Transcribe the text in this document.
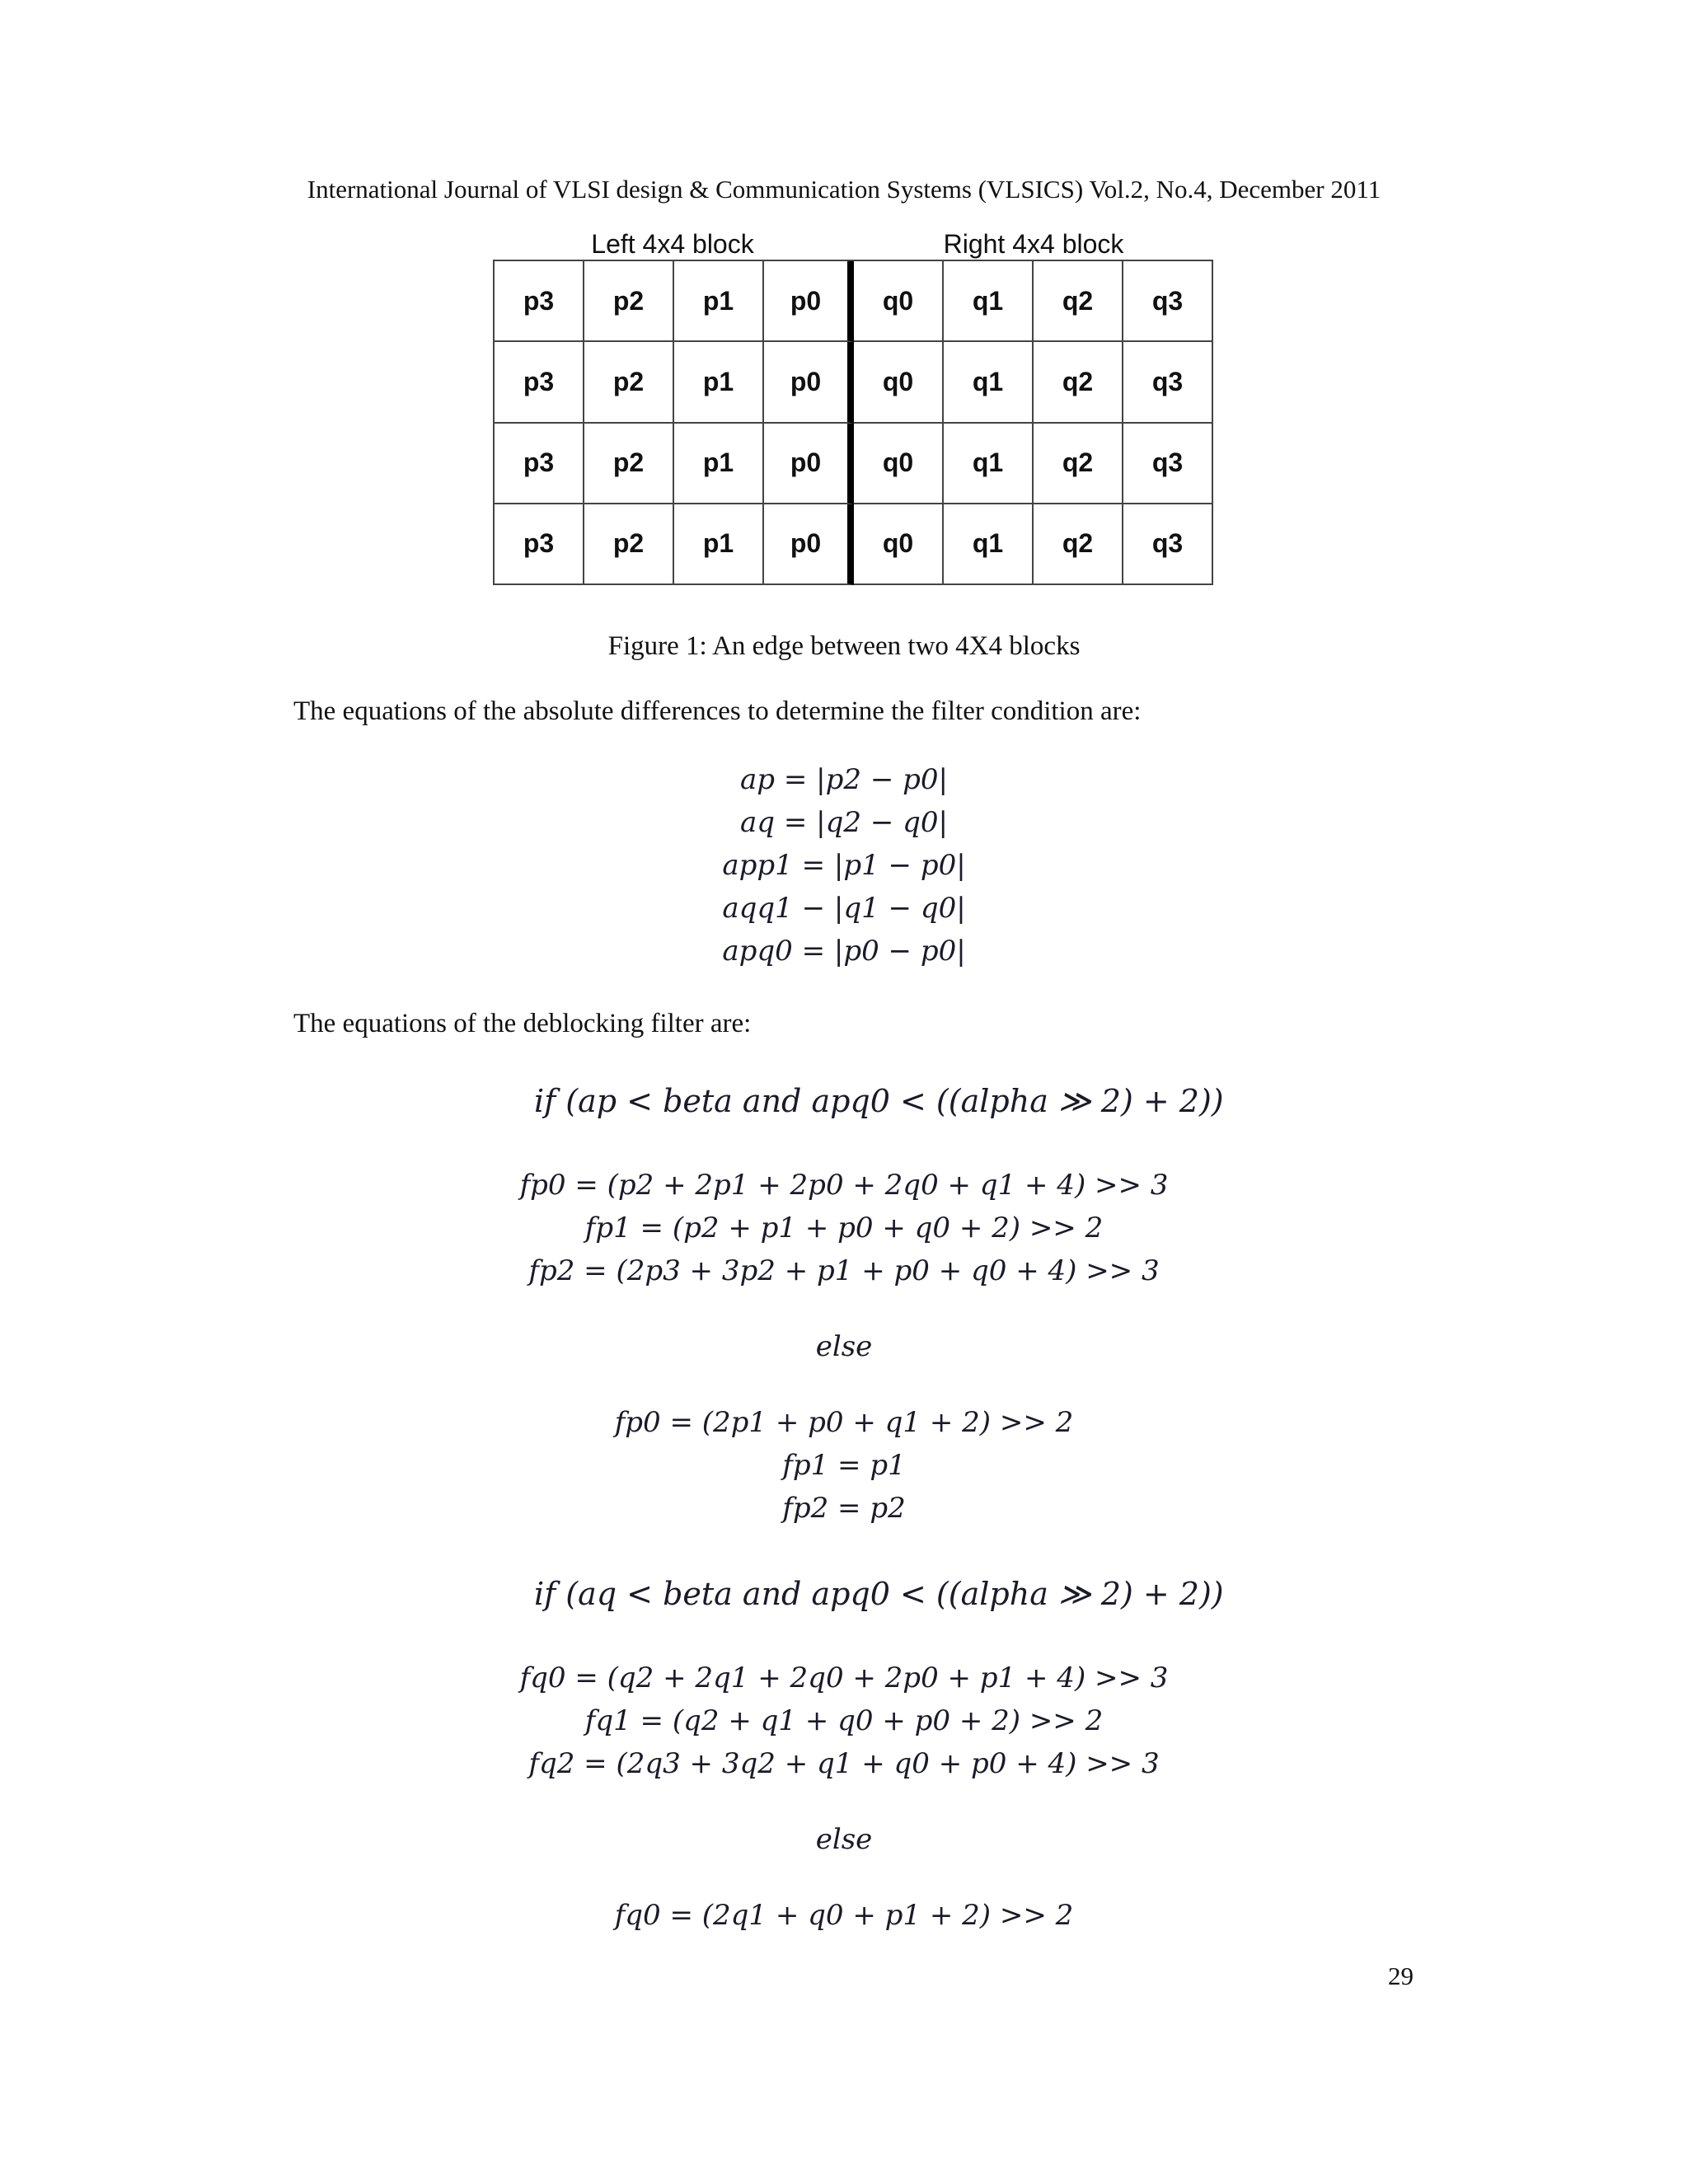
International Journal of VLSI design & Communication Systems (VLSICS) Vol.2, No.4, December 2011
Left 4x4 block	Right 4x4 block
p3	p2	p1	p0	q0	q1	q2	q3
p3	p2	p1	p0	q0	q1	q2	q3
p3	p2	p1	p0	q0	q1	q2	q3
p3	p2	p1	p0	q0	q1	q2	q3
Figure 1: An edge between two 4X4 blocks
The equations of the absolute differences to determine the filter condition are:
ap = |p2 − p0|
aq = |q2 − q0|
app1 = |p1 − p0|
aqq1 − |q1 − q0|
apq0 = |p0 − p0|
The equations of the deblocking filter are:
if (ap < beta and apq0 < ((alpha ≫ 2) + 2))
fp0 = (p2 + 2p1 + 2p0 + 2q0 + q1 + 4) >> 3
fp1 = (p2 + p1 + p0 + q0 + 2) >> 2
fp2 = (2p3 + 3p2 + p1 + p0 + q0 + 4) >> 3
else
fp0 = (2p1 + p0 + q1 + 2) >> 2
fp1 = p1
fp2 = p2
if (aq < beta and apq0 < ((alpha ≫ 2) + 2))
fq0 = (q2 + 2q1 + 2q0 + 2p0 + p1 + 4) >> 3
fq1 = (q2 + q1 + q0 + p0 + 2) >> 2
fq2 = (2q3 + 3q2 + q1 + q0 + p0 + 4) >> 3
else
fq0 = (2q1 + q0 + p1 + 2) >> 2
29
